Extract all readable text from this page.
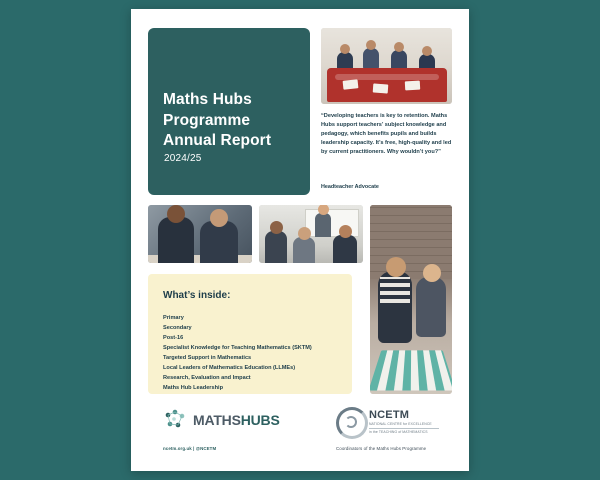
Maths Hubs
Programme
Annual Report
2024/25
“Developing teachers is key to retention. Maths Hubs support teachers’ subject knowledge and pedagogy, which benefits pupils and builds leadership capacity. It’s free, high-quality and led by current practitioners. Why wouldn’t you?”
Headteacher Advocate
What’s inside:
Primary
Secondary
Post-16
Specialist Knowledge for Teaching Mathematics (SKTM)
Targeted Support in Mathematics
Local Leaders of Mathematics Education (LLMEs)
Research, Evaluation and Impact
Maths Hub Leadership
MATHSHUBS	NCETM
NATIONAL CENTRE for EXCELLENCE
in the TEACHING of MATHEMATICS
ncetm.org.uk | @NCETM	Coordinators of the Maths Hubs Programme
